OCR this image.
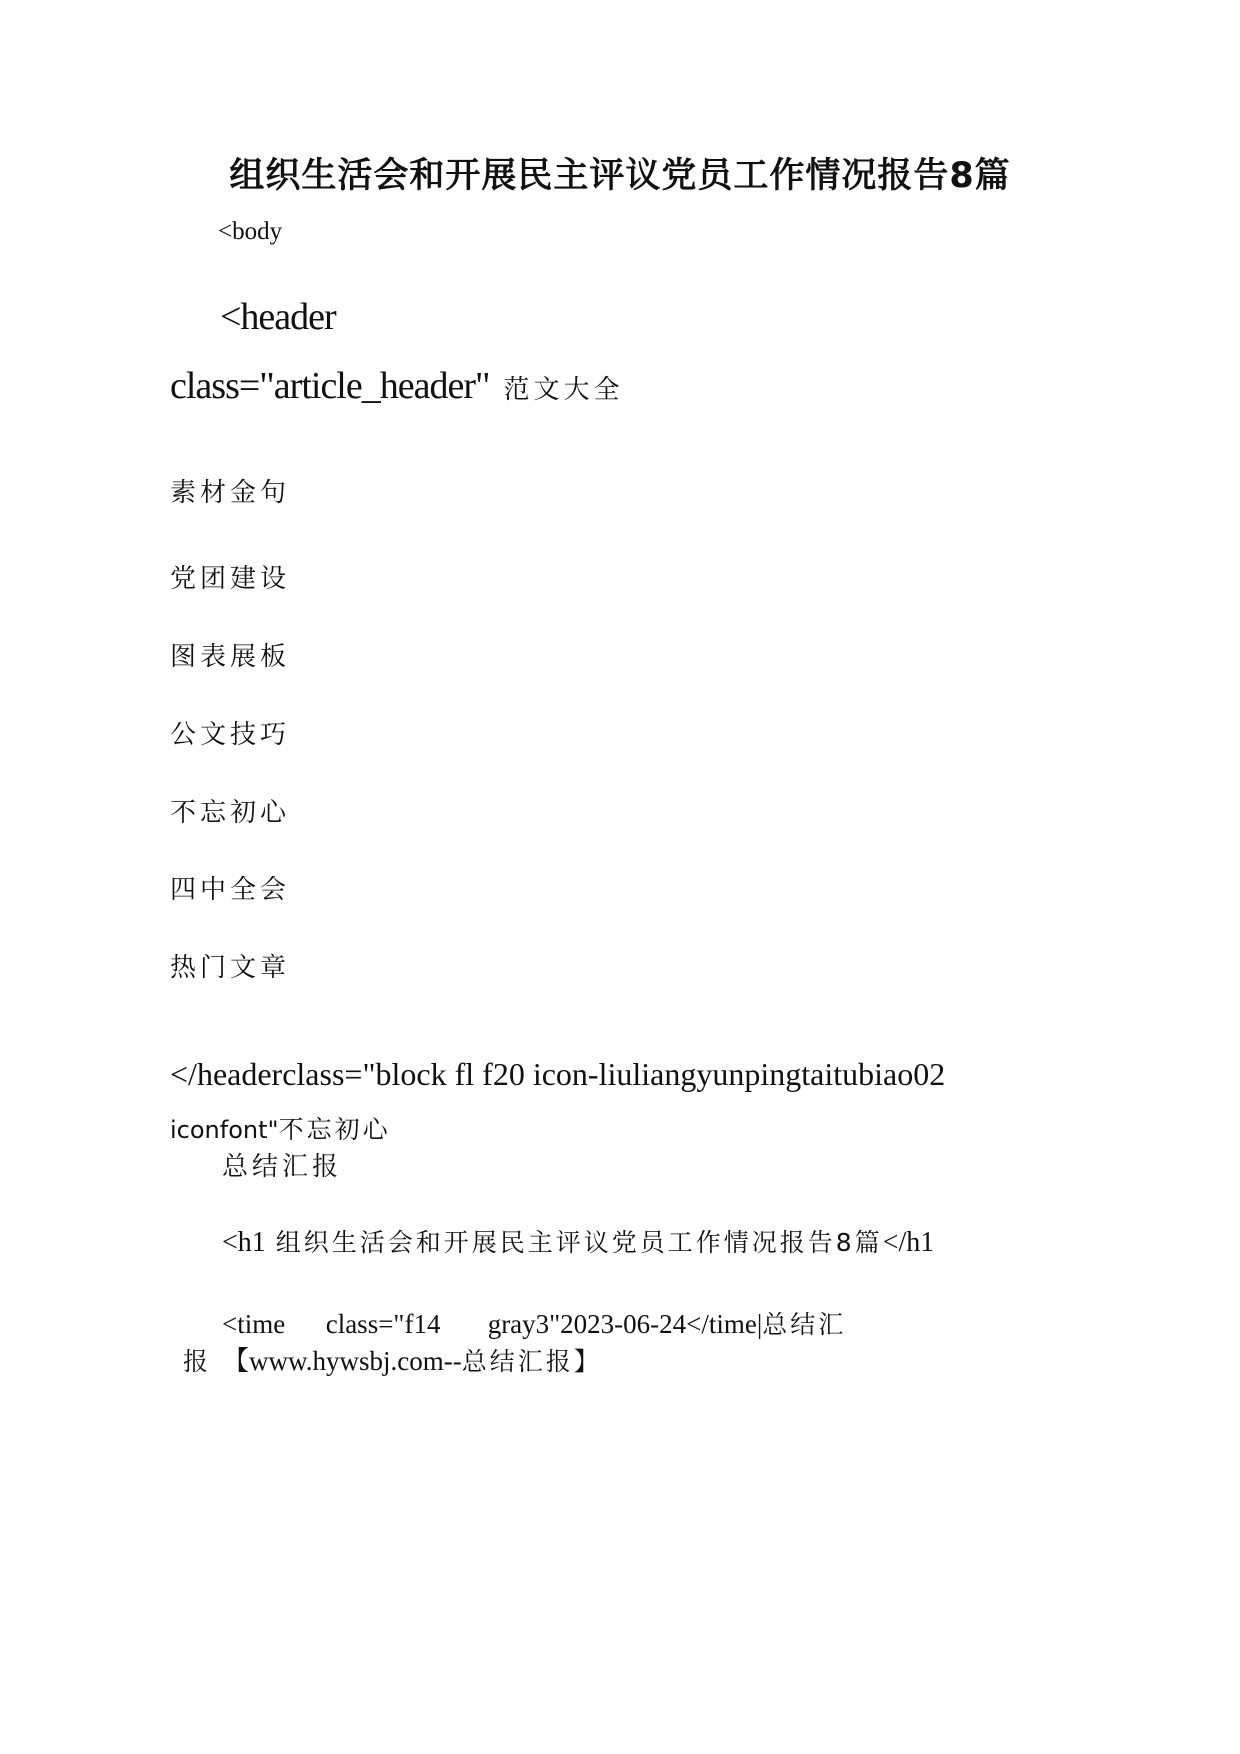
组织生活会和开展民主评议党员工作情况报告8篇
<body
<header
class="article_header" 范文大全
素材金句
党团建设
图表展板
公文技巧
不忘初心
四中全会
热门文章
</headerclass="block fl f20 icon-liuliangyunpingtaitubiao02
iconfont"不忘初心
总结汇报
<h1 组织生活会和开展民主评议党员工作情况报告8篇</h1
<time      class="f14       gray3"2023-06-24</time|总结汇
报 【www.hywsbj.com--总结汇报】
